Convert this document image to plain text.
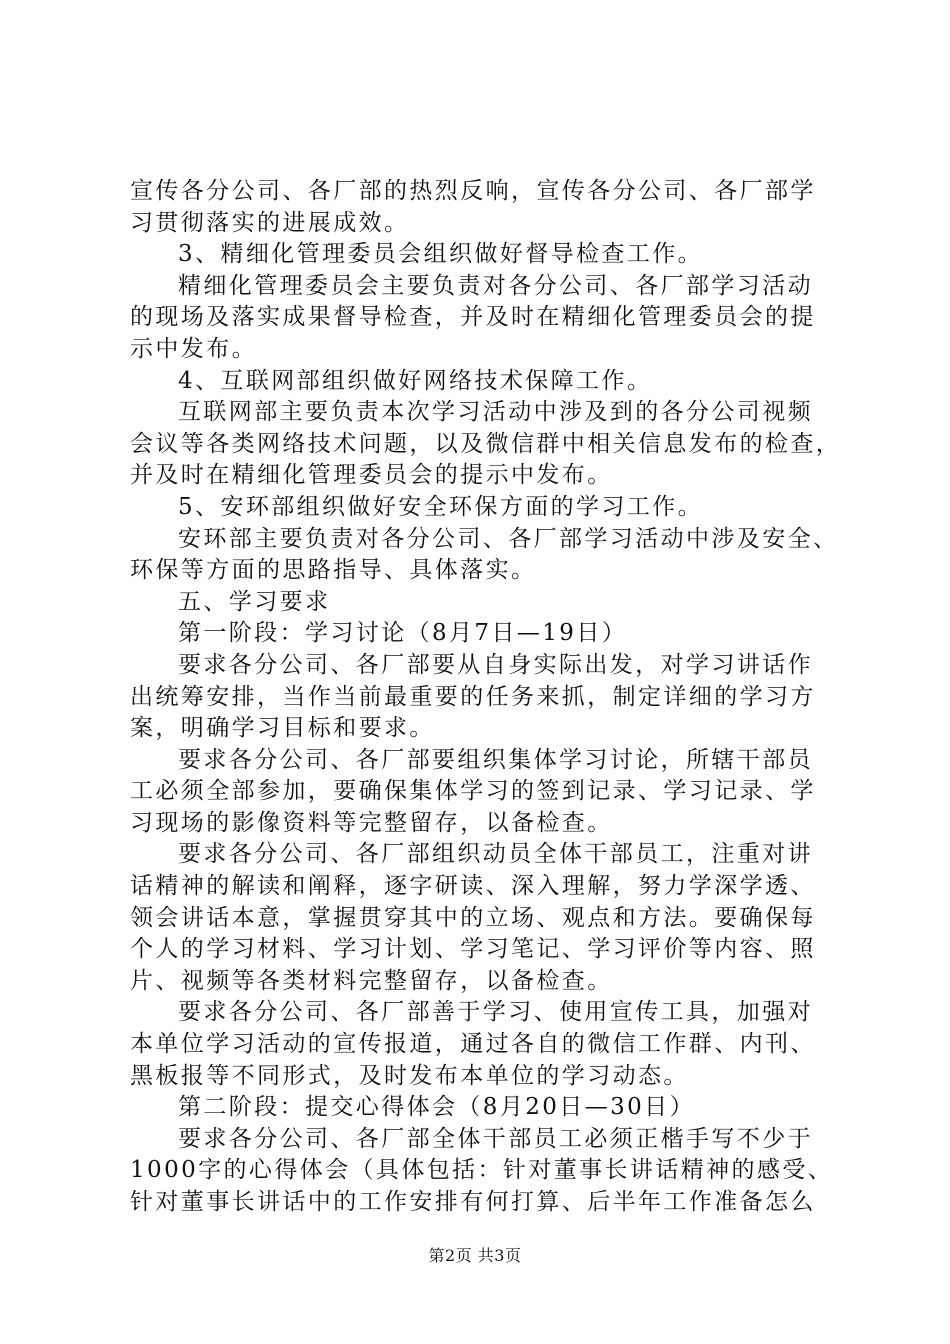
宣传各分公司、各厂部的热烈反响，宣传各分公司、各厂部学
习贯彻落实的进展成效。
3、精细化管理委员会组织做好督导检查工作。
精细化管理委员会主要负责对各分公司、各厂部学习活动
的现场及落实成果督导检查，并及时在精细化管理委员会的提
示中发布。
4、互联网部组织做好网络技术保障工作。
互联网部主要负责本次学习活动中涉及到的各分公司视频
会议等各类网络技术问题，以及微信群中相关信息发布的检查，
并及时在精细化管理委员会的提示中发布。
5、安环部组织做好安全环保方面的学习工作。
安环部主要负责对各分公司、各厂部学习活动中涉及安全、
环保等方面的思路指导、具体落实。
五、学习要求
第一阶段：学习讨论（8月7日—19日）
要求各分公司、各厂部要从自身实际出发，对学习讲话作
出统筹安排，当作当前最重要的任务来抓，制定详细的学习方
案，明确学习目标和要求。
要求各分公司、各厂部要组织集体学习讨论，所辖干部员
工必须全部参加，要确保集体学习的签到记录、学习记录、学
习现场的影像资料等完整留存，以备检查。
要求各分公司、各厂部组织动员全体干部员工，注重对讲
话精神的解读和阐释，逐字研读、深入理解，努力学深学透、
领会讲话本意，掌握贯穿其中的立场、观点和方法。要确保每
个人的学习材料、学习计划、学习笔记、学习评价等内容、照
片、视频等各类材料完整留存，以备检查。
要求各分公司、各厂部善于学习、使用宣传工具，加强对
本单位学习活动的宣传报道，通过各自的微信工作群、内刊、
黑板报等不同形式，及时发布本单位的学习动态。
第二阶段：提交心得体会（8月20日—30日）
要求各分公司、各厂部全体干部员工必须正楷手写不少于
1000字的心得体会（具体包括：针对董事长讲话精神的感受、
针对董事长讲话中的工作安排有何打算、后半年工作准备怎么
第2页 共3页
